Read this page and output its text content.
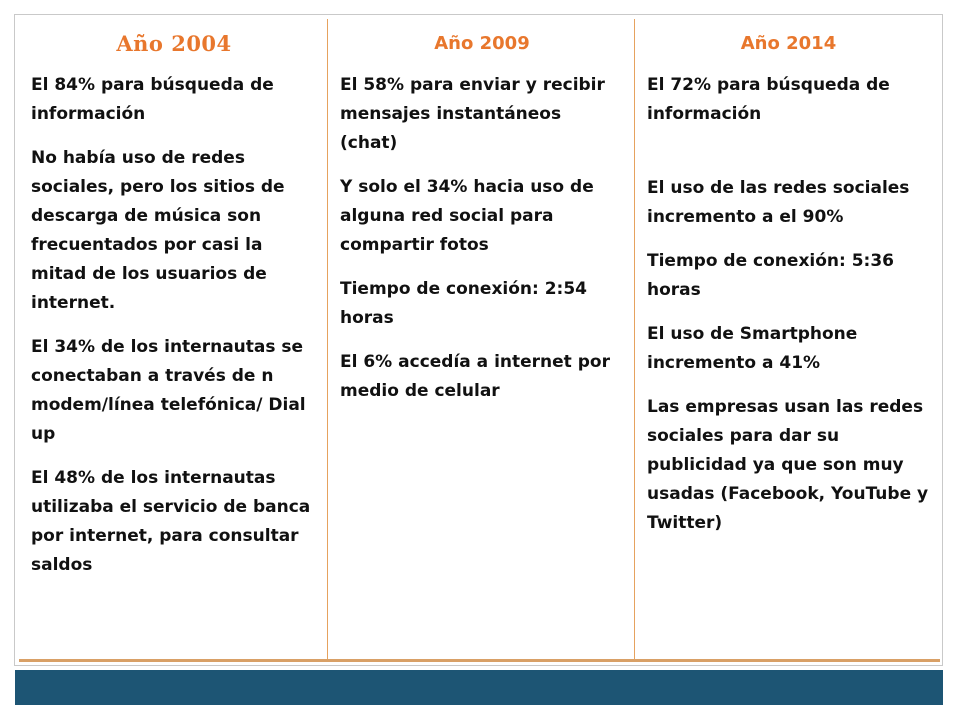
Año 2004

El 84% para búsqueda de información

No había uso de redes sociales, pero los sitios de descarga de música son frecuentados por casi la mitad de los usuarios de internet.

El 34% de los internautas se conectaban a través de n modem/línea telefónica/ Dial up

El 48% de los internautas utilizaba el servicio de banca por internet, para consultar saldos

Año 2009

El 58% para enviar y recibir mensajes instantáneos (chat)

Y solo el 34% hacia uso de alguna red social para compartir fotos

Tiempo de conexión: 2:54 horas

El 6% accedía a internet por medio de celular

Año 2014

El 72% para búsqueda de información

El uso de las redes sociales incremento a el 90%

Tiempo de conexión: 5:36 horas

El uso de Smartphone incremento a 41%

Las empresas usan las redes sociales para dar su publicidad ya que son muy usadas (Facebook, YouTube y Twitter)
